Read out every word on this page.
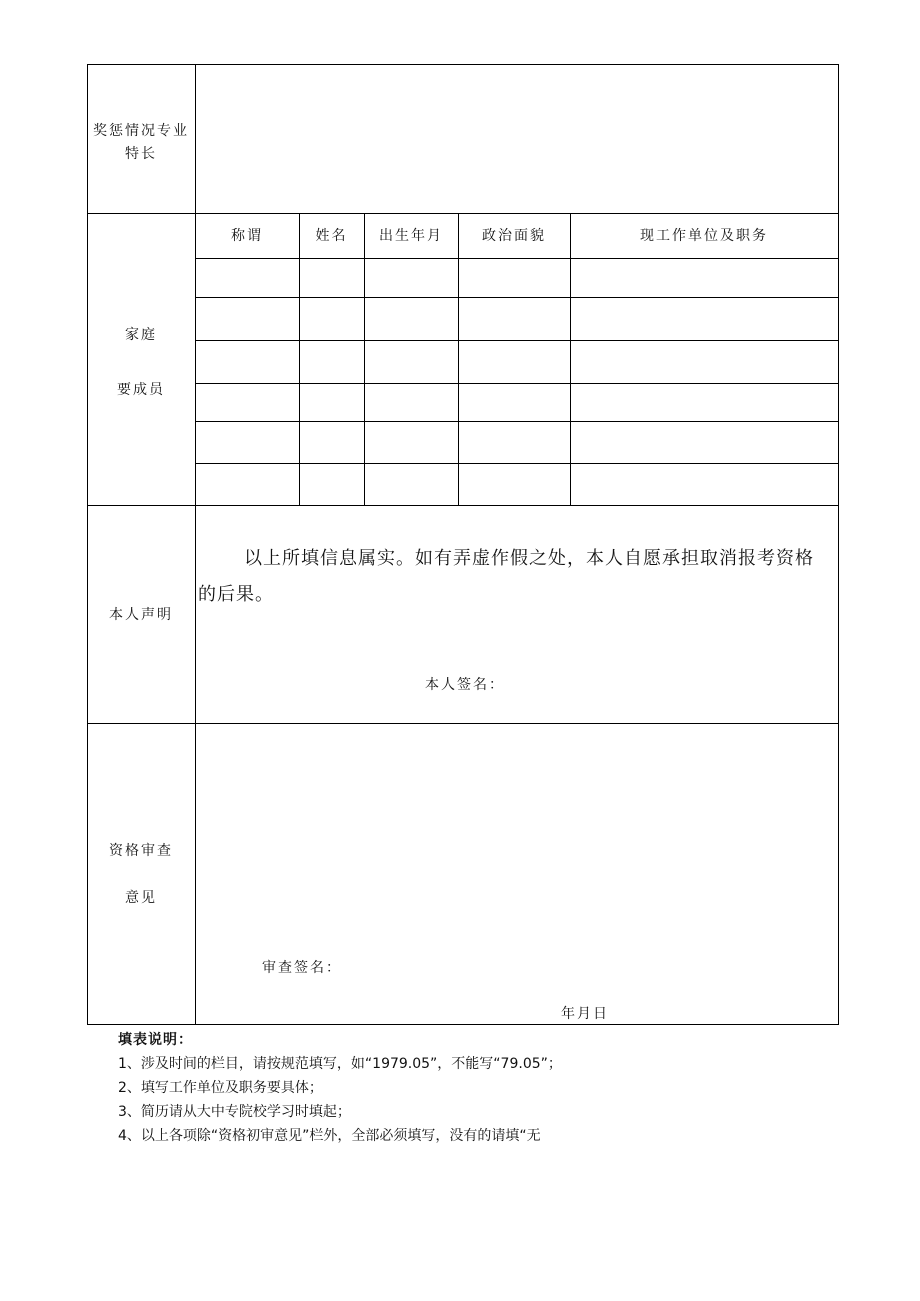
奖惩情况专业特长
家庭
要成员
称谓	姓名	出生年月	政治面貌	现工作单位及职务
本人声明
以上所填信息属实。如有弄虚作假之处，本人自愿承担取消报考资格的后果。
本人签名：
资格审查
意见
审查签名：
年月日
填表说明：
1、涉及时间的栏目，请按规范填写，如“1979.05”，不能写“79.05”；
2、填写工作单位及职务要具体；
3、简历请从大中专院校学习时填起；
4、以上各项除“资格初审意见”栏外，全部必须填写，没有的请填“无
